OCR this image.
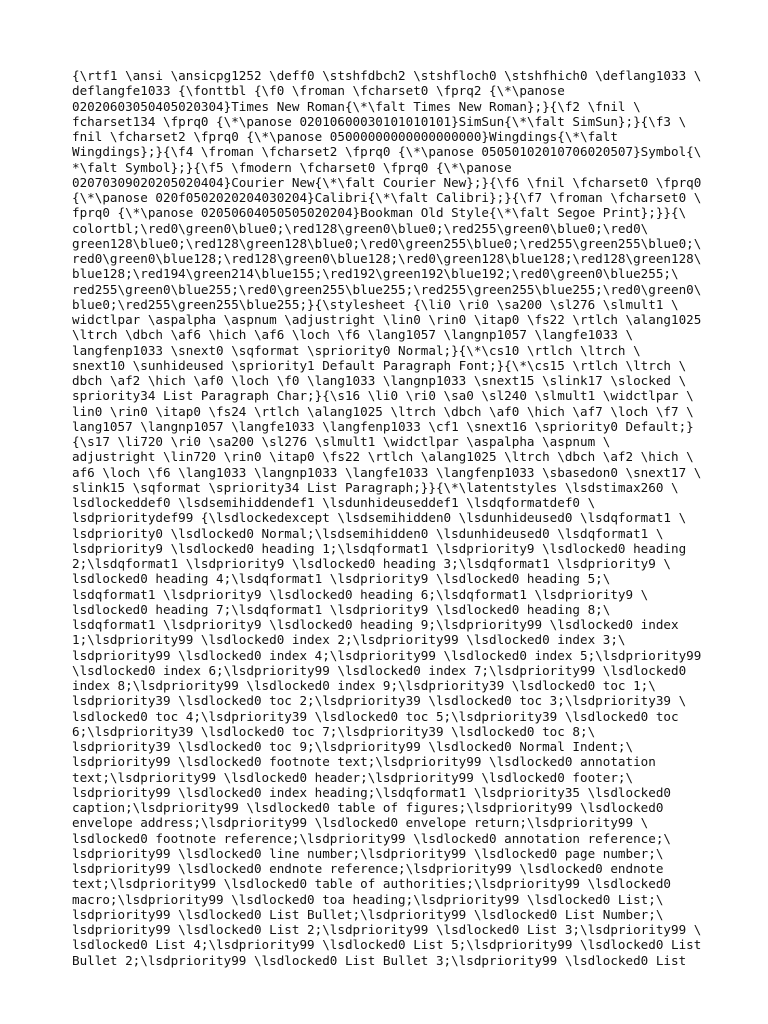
{\rtf1 \ansi \ansicpg1252 \deff0 \stshfdbch2 \stshfloch0 \stshfhich0 \deflang1033 \
deflangfe1033 {\fonttbl {\f0 \froman \fcharset0 \fprq2 {\*\panose
02020603050405020304}Times New Roman{\*\falt Times New Roman};}{\f2 \fnil \
fcharset134 \fprq0 {\*\panose 02010600030101010101}SimSun{\*\falt SimSun};}{\f3 \
fnil \fcharset2 \fprq0 {\*\panose 05000000000000000000}Wingdings{\*\falt
Wingdings};}{\f4 \froman \fcharset2 \fprq0 {\*\panose 05050102010706020507}Symbol{\
*\falt Symbol};}{\f5 \fmodern \fcharset0 \fprq0 {\*\panose
02070309020205020404}Courier New{\*\falt Courier New};}{\f6 \fnil \fcharset0 \fprq0
{\*\panose 020f0502020204030204}Calibri{\*\falt Calibri};}{\f7 \froman \fcharset0 \
fprq0 {\*\panose 02050604050505020204}Bookman Old Style{\*\falt Segoe Print};}}{\
colortbl;\red0\green0\blue0;\red128\green0\blue0;\red255\green0\blue0;\red0\
green128\blue0;\red128\green128\blue0;\red0\green255\blue0;\red255\green255\blue0;\
red0\green0\blue128;\red128\green0\blue128;\red0\green128\blue128;\red128\green128\
blue128;\red194\green214\blue155;\red192\green192\blue192;\red0\green0\blue255;\
red255\green0\blue255;\red0\green255\blue255;\red255\green255\blue255;\red0\green0\
blue0;\red255\green255\blue255;}{\stylesheet {\li0 \ri0 \sa200 \sl276 \slmult1 \
widctlpar \aspalpha \aspnum \adjustright \lin0 \rin0 \itap0 \fs22 \rtlch \alang1025
\ltrch \dbch \af6 \hich \af6 \loch \f6 \lang1057 \langnp1057 \langfe1033 \
langfenp1033 \snext0 \sqformat \spriority0 Normal;}{\*\cs10 \rtlch \ltrch \
snext10 \sunhideused \spriority1 Default Paragraph Font;}{\*\cs15 \rtlch \ltrch \
dbch \af2 \hich \af0 \loch \f0 \lang1033 \langnp1033 \snext15 \slink17 \slocked \
spriority34 List Paragraph Char;}{\s16 \li0 \ri0 \sa0 \sl240 \slmult1 \widctlpar \
lin0 \rin0 \itap0 \fs24 \rtlch \alang1025 \ltrch \dbch \af0 \hich \af7 \loch \f7 \
lang1057 \langnp1057 \langfe1033 \langfenp1033 \cf1 \snext16 \spriority0 Default;}
{\s17 \li720 \ri0 \sa200 \sl276 \slmult1 \widctlpar \aspalpha \aspnum \
adjustright \lin720 \rin0 \itap0 \fs22 \rtlch \alang1025 \ltrch \dbch \af2 \hich \
af6 \loch \f6 \lang1033 \langnp1033 \langfe1033 \langfenp1033 \sbasedon0 \snext17 \
slink15 \sqformat \spriority34 List Paragraph;}}{\*\latentstyles \lsdstimax260 \
lsdlockeddef0 \lsdsemihiddendef1 \lsdunhideuseddef1 \lsdqformatdef0 \
lsdprioritydef99 {\lsdlockedexcept \lsdsemihidden0 \lsdunhideused0 \lsdqformat1 \
lsdpriority0 \lsdlocked0 Normal;\lsdsemihidden0 \lsdunhideused0 \lsdqformat1 \
lsdpriority9 \lsdlocked0 heading 1;\lsdqformat1 \lsdpriority9 \lsdlocked0 heading
2;\lsdqformat1 \lsdpriority9 \lsdlocked0 heading 3;\lsdqformat1 \lsdpriority9 \
lsdlocked0 heading 4;\lsdqformat1 \lsdpriority9 \lsdlocked0 heading 5;\
lsdqformat1 \lsdpriority9 \lsdlocked0 heading 6;\lsdqformat1 \lsdpriority9 \
lsdlocked0 heading 7;\lsdqformat1 \lsdpriority9 \lsdlocked0 heading 8;\
lsdqformat1 \lsdpriority9 \lsdlocked0 heading 9;\lsdpriority99 \lsdlocked0 index
1;\lsdpriority99 \lsdlocked0 index 2;\lsdpriority99 \lsdlocked0 index 3;\
lsdpriority99 \lsdlocked0 index 4;\lsdpriority99 \lsdlocked0 index 5;\lsdpriority99
\lsdlocked0 index 6;\lsdpriority99 \lsdlocked0 index 7;\lsdpriority99 \lsdlocked0
index 8;\lsdpriority99 \lsdlocked0 index 9;\lsdpriority39 \lsdlocked0 toc 1;\
lsdpriority39 \lsdlocked0 toc 2;\lsdpriority39 \lsdlocked0 toc 3;\lsdpriority39 \
lsdlocked0 toc 4;\lsdpriority39 \lsdlocked0 toc 5;\lsdpriority39 \lsdlocked0 toc
6;\lsdpriority39 \lsdlocked0 toc 7;\lsdpriority39 \lsdlocked0 toc 8;\
lsdpriority39 \lsdlocked0 toc 9;\lsdpriority99 \lsdlocked0 Normal Indent;\
lsdpriority99 \lsdlocked0 footnote text;\lsdpriority99 \lsdlocked0 annotation
text;\lsdpriority99 \lsdlocked0 header;\lsdpriority99 \lsdlocked0 footer;\
lsdpriority99 \lsdlocked0 index heading;\lsdqformat1 \lsdpriority35 \lsdlocked0
caption;\lsdpriority99 \lsdlocked0 table of figures;\lsdpriority99 \lsdlocked0
envelope address;\lsdpriority99 \lsdlocked0 envelope return;\lsdpriority99 \
lsdlocked0 footnote reference;\lsdpriority99 \lsdlocked0 annotation reference;\
lsdpriority99 \lsdlocked0 line number;\lsdpriority99 \lsdlocked0 page number;\
lsdpriority99 \lsdlocked0 endnote reference;\lsdpriority99 \lsdlocked0 endnote
text;\lsdpriority99 \lsdlocked0 table of authorities;\lsdpriority99 \lsdlocked0
macro;\lsdpriority99 \lsdlocked0 toa heading;\lsdpriority99 \lsdlocked0 List;\
lsdpriority99 \lsdlocked0 List Bullet;\lsdpriority99 \lsdlocked0 List Number;\
lsdpriority99 \lsdlocked0 List 2;\lsdpriority99 \lsdlocked0 List 3;\lsdpriority99 \
lsdlocked0 List 4;\lsdpriority99 \lsdlocked0 List 5;\lsdpriority99 \lsdlocked0 List
Bullet 2;\lsdpriority99 \lsdlocked0 List Bullet 3;\lsdpriority99 \lsdlocked0 List
